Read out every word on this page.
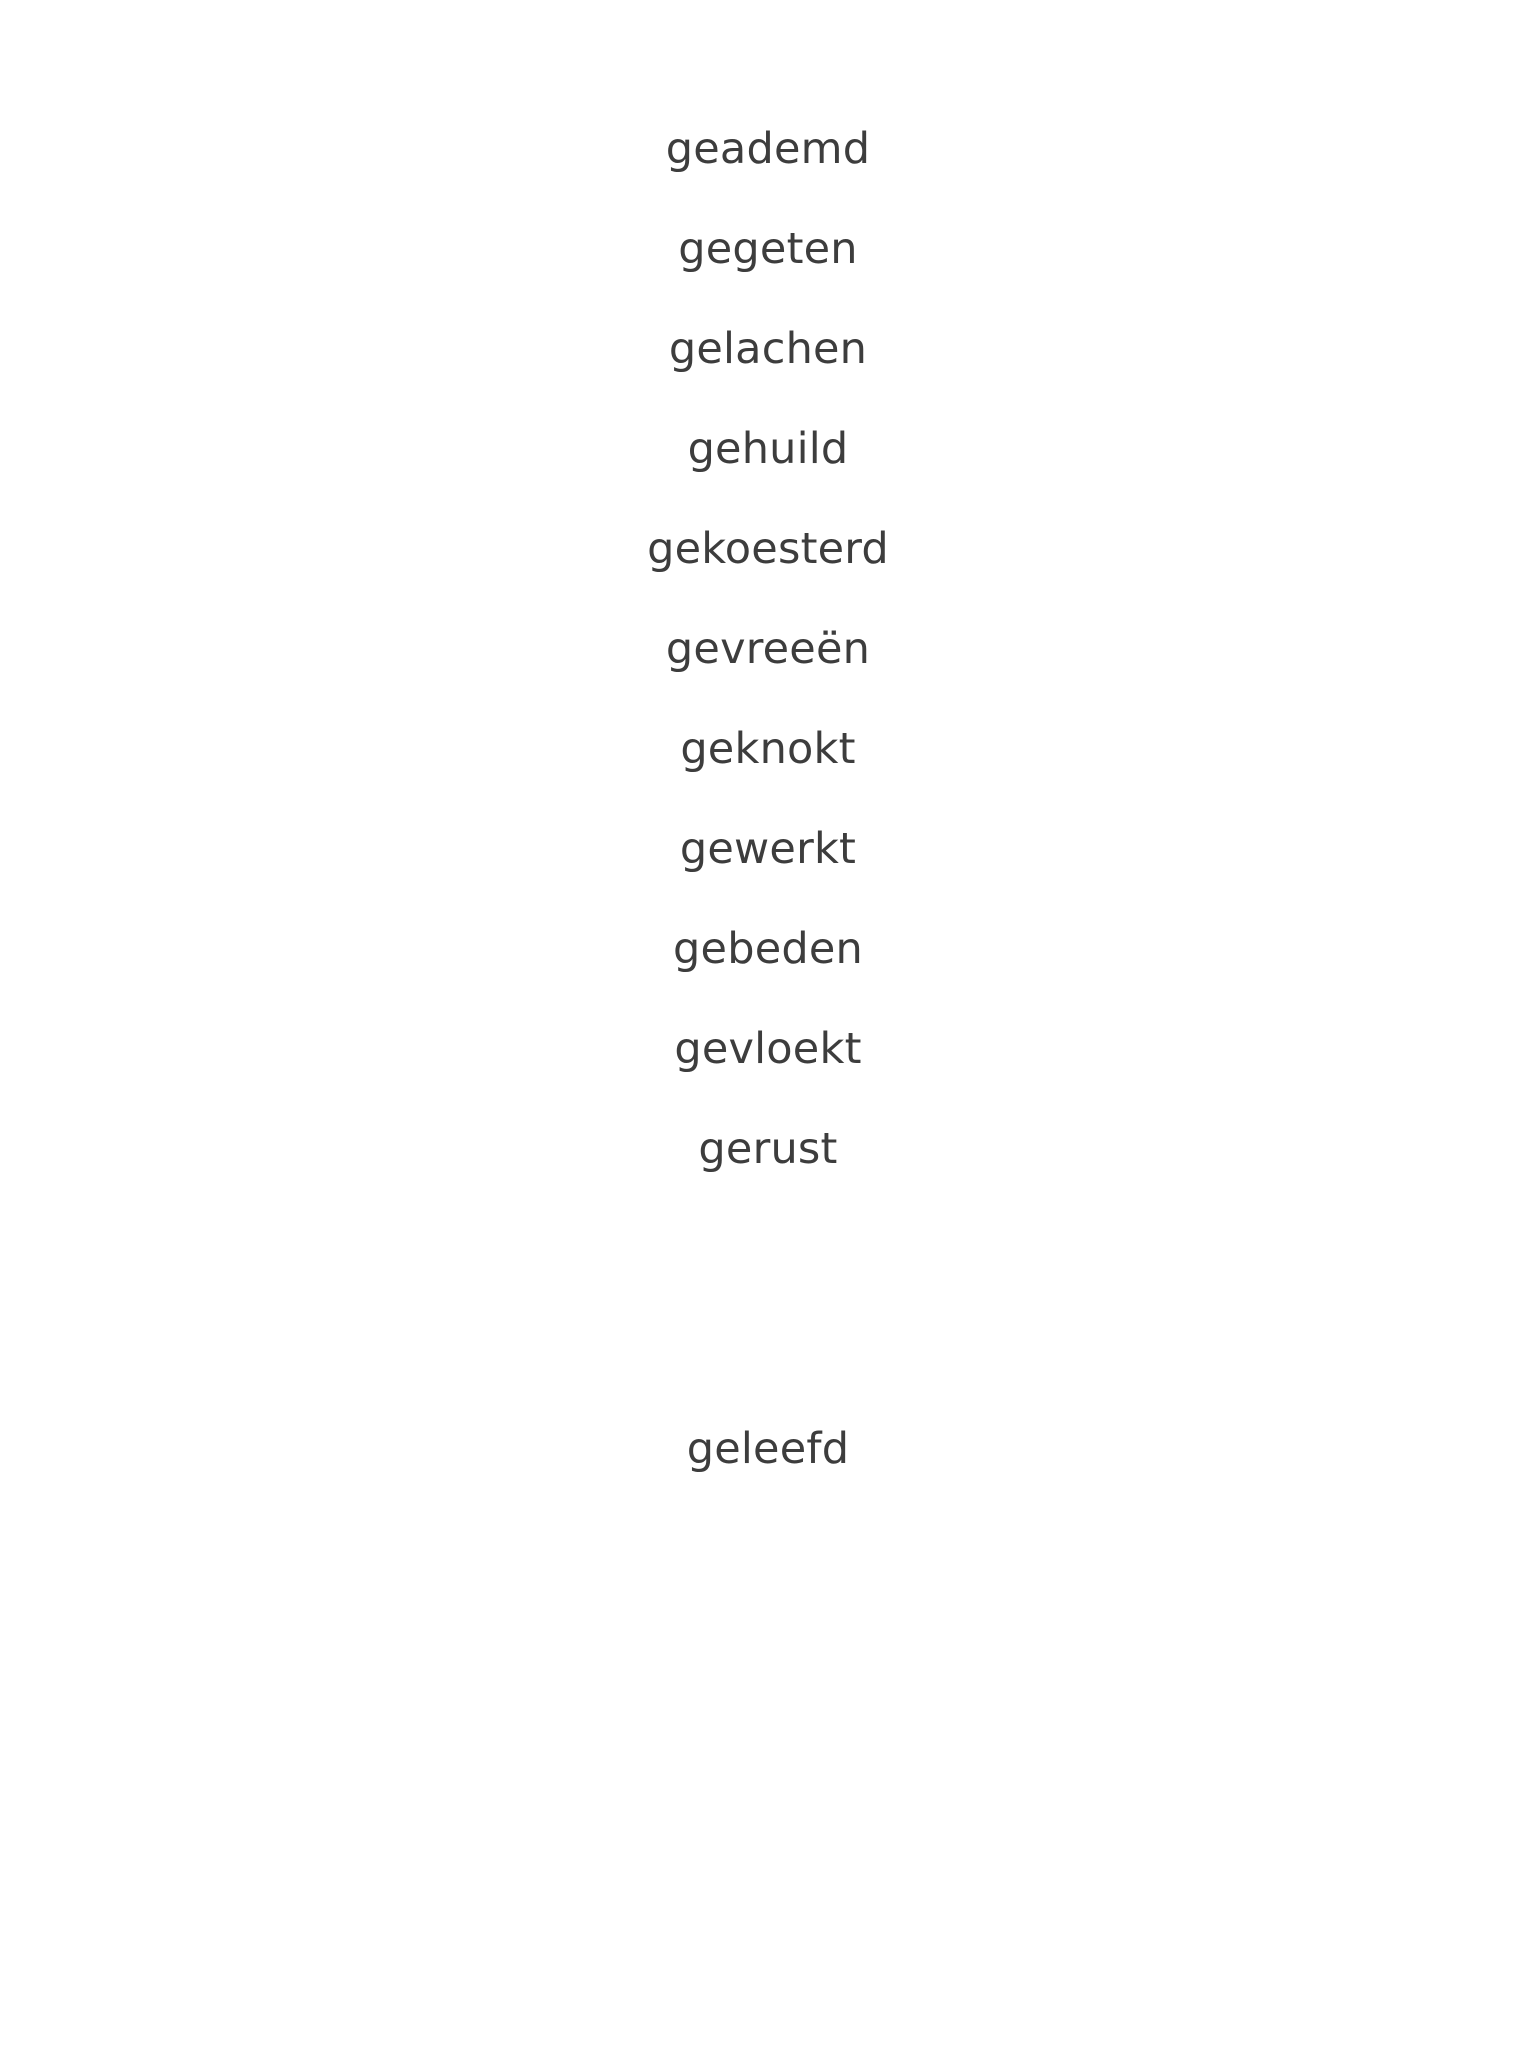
geademd
gegeten
gelachen
gehuild
gekoesterd
gevreeën
geknokt
gewerkt
gebeden
gevloekt
gerust
geleefd
